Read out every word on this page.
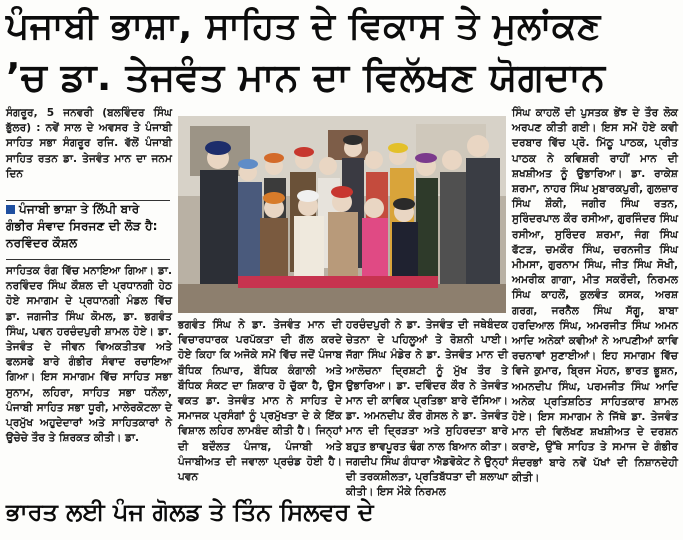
ਪੰਜਾਬੀ ਭਾਸ਼ਾ, ਸਾਹਿਤ ਦੇ ਵਿਕਾਸ ਤੇ ਮੁਲਾਂਕਣ
’ਚ ਡਾ. ਤੇਜਵੰਤ ਮਾਨ ਦਾ ਵਿਲੱਖਣ ਯੋਗਦਾਨ

ਸੰਗਰੂਰ, 5 ਜਨਵਰੀ (ਬਲਵਿੰਦਰ ਸਿੰਘ ਭੁੱਲਰ) : ਨਵੇਂ ਸਾਲ ਦੇ ਅਵਸਰ ਤੇ ਪੰਜਾਬੀ ਸਾਹਿਤ ਸਭਾ ਸੰਗਰੂਰ ਰਜਿ. ਵੱਲੋਂ ਪੰਜਾਬੀ ਸਾਹਿਤ ਰਤਨ ਡਾ. ਤੇਜਵੰਤ ਮਾਨ ਦਾ ਜਨਮ ਦਿਨ

ਪੰਜਾਬੀ ਭਾਸ਼ਾ ਤੇ ਲਿੱਪੀ ਬਾਰੇ ਗੰਭੀਰ ਸੰਵਾਦ ਸਿਰਜਣ ਦੀ ਲੋੜ ਹੈ: ਨਰਵਿੰਦਰ ਕੌਸ਼ਲ

ਸਾਹਿਤਕ ਰੰਗ ਵਿੱਚ ਮਨਾਇਆ ਗਿਆ। ਡਾ. ਨਰਵਿੰਦਰ ਸਿੰਘ ਕੌਸ਼ਲ ਦੀ ਪ੍ਰਧਾਨਗੀ ਹੇਠ ਹੋਏ ਸਮਾਗਮ ਦੇ ਪ੍ਰਧਾਨਗੀ ਮੰਡਲ ਵਿੱਚ ਡਾ. ਜਗਜੀਤ ਸਿੰਘ ਕੋਮਲ, ਡਾ. ਭਗਵੰਤ ਸਿੰਘ, ਪਵਨ ਹਰਚੰਦਪੁਰੀ ਸ਼ਾਮਲ ਹੋਏ। ਡਾ. ਤੇਜਵੰਤ ਦੇ ਜੀਵਨ ਵਿਅਕਤੀਤਵ ਅਤੇ ਫਲਸਫੇ ਬਾਰੇ ਗੰਭੀਰ ਸੰਵਾਦ ਰਚਾਇਆ ਗਿਆ। ਇਸ ਸਮਾਗਮ ਵਿੱਚ ਸਾਹਿਤ ਸਭਾ ਸੁਨਾਮ, ਲਹਿਰਾ, ਸਾਹਿਤ ਸਭਾ ਧਨੌਲਾ, ਪੰਜਾਬੀ ਸਾਹਿਤ ਸਭਾ ਧੂਰੀ, ਮਾਲੇਰਕੋਟਲਾ ਦੇ ਪ੍ਰਮੁੱਖ ਅਹੁਦੇਦਾਰਾਂ ਅਤੇ ਸਾਹਿਤਕਾਰਾਂ ਨੇ ਉਚੇਚੇ ਤੌਰ ਤੇ ਸ਼ਿਰਕਤ ਕੀਤੀ। ਡਾ.

ਭਗਵੰਤ ਸਿੰਘ ਨੇ ਡਾ. ਤੇਜਵੰਤ ਮਾਨ ਦੀ ਵਿਚਾਰਧਾਰਕ ਪਰਪੱਕਤਾ ਦੀ ਗੱਲ ਕਰਦੇ ਹੋਏ ਕਿਹਾ ਕਿ ਅਜੋਕੇ ਸਮੇਂ ਵਿੱਚ ਜਦੋਂ ਪੰਜਾਬ ਬੌਧਿਕ ਨਿਘਾਰ, ਬੌਧਿਕ ਕੰਗਾਲੀ ਅਤੇ ਬੌਧਿਕ ਸੰਕਟ ਦਾ ਸ਼ਿਕਾਰ ਹੋ ਚੁੱਕਾ ਹੈ, ਉਸ ਵਕਤ ਡਾ. ਤੇਜਵੰਤ ਮਾਨ ਨੇ ਸਾਹਿਤ ਦੇ ਸਮਾਜਕ ਪ੍ਰਸੰਗਾਂ ਨੂੰ ਪ੍ਰਮੁੱਖਤਾ ਦੇ ਕੇ ਇੱਕ ਵਿਸ਼ਾਲ ਲਹਿਰ ਲਾਮਬੰਦ ਕੀਤੀ ਹੈ। ਜਿਨ੍ਹਾਂ ਦੀ ਬਦੌਲਤ ਪੰਜਾਬ, ਪੰਜਾਬੀ ਅਤੇ ਪੰਜਾਬੀਅਤ ਦੀ ਜਵਾਲਾ ਪ੍ਰਚੰਡ ਹੋਈ ਹੈ। ਪਵਨ

ਹਰਚੰਦਪੁਰੀ ਨੇ ਡਾ. ਤੇਜਵੰਤ ਦੀ ਜਥੇਬੰਦਕ ਚੇਤਨਾ ਦੇ ਪਹਿਲੂਆਂ ਤੇ ਰੋਸ਼ਨੀ ਪਾਈ। ਜੱਗਾ ਸਿੰਘ ਮੰਡੇਰ ਨੇ ਡਾ. ਤੇਜਵੰਤ ਮਾਨ ਦੀ ਆਲੋਚਨਾ ਦ੍ਰਿਸ਼ਟੀ ਨੂੰ ਮੁੱਖ ਤੌਰ ਤੇ ਉਭਾਰਿਆ। ਡਾ. ਦਵਿੰਦਰ ਕੌਰ ਨੇ ਤੇਜਵੰਤ ਮਾਨ ਦੀ ਕਾਵਿਕ ਪ੍ਰਤਿਭਾ ਬਾਰੇ ਦੱਸਿਆ। ਡਾ. ਅਮਨਦੀਪ ਕੌਰ ਗੋਸਲ ਨੇ ਡਾ. ਤੇਜਵੰਤ ਮਾਨ ਦੀ ਦ੍ਰਿੜਤਾ ਅਤੇ ਸੁਹਿਰਦਤਾ ਬਾਰੇ ਬਹੁਤ ਭਾਵਪੂਰਤ ਢੰਗ ਨਾਲ ਬਿਆਨ ਕੀਤਾ। ਜਗਦੀਪ ਸਿੰਘ ਗੰਧਾਰਾ ਐਡਵੋਕੇਟ ਨੇ ਉਨ੍ਹਾਂ ਦੀ ਤਰਕਸ਼ੀਲਤਾ, ਪ੍ਰਤਿਬੱਧਤਾ ਦੀ ਸ਼ਲਾਘਾ ਕੀਤੀ। ਇਸ ਮੌਕੇ ਨਿਰਮਲ

ਸਿੰਘ ਕਾਹਲੋਂ ਦੀ ਪੁਸਤਕ ਭੇਂਝ ਦੇ ਤੌਰ ਲੋਕ ਅਰਪਣ ਕੀਤੀ ਗਈ। ਇਸ ਸਮੇਂ ਹੋਏ ਕਵੀ ਦਰਬਾਰ ਵਿੱਚ ਪ੍ਰੋ. ਮਿੱਠੂ ਪਾਠਕ, ਪ੍ਰੀਤ ਪਾਠਕ ਨੇ ਕਵਿਸ਼ਰੀ ਰਾਹੀਂ ਮਾਨ ਦੀ ਸ਼ਖਸ਼ੀਅਤ ਨੂੰ ਉਭਾਰਿਆ। ਡਾ. ਰਾਕੇਸ਼ ਸ਼ਰਮਾ, ਨਾਹਰ ਸਿੰਘ ਮੁਬਾਰਕਪੁਰੀ, ਗੁਲਜ਼ਾਰ ਸਿੰਘ ਸ਼ੌਕੀ, ਜਗੀਰ ਸਿੰਘ ਰਤਨ, ਸੁਰਿੰਦਰਪਾਲ ਕੌਰ ਰਸੀਆ, ਗੁਰਜਿੰਦਰ ਸਿੰਘ ਰਸੀਆ, ਸੁਰਿੰਦਰ ਸ਼ਰਮਾ, ਜੰਗ ਸਿੰਘ ਫੱਟੜ, ਚਮਕੌਰ ਸਿੰਘ, ਚਰਨਜੀਤ ਸਿੰਘ ਮੀਮਸਾ, ਗੁਰਨਾਮ ਸਿੰਘ, ਜੀਤ ਸਿੰਘ ਸੋਖੀ, ਅਮਰੀਕ ਗਾਗਾ, ਮੀਤ ਸਕਰੌਦੀ, ਨਿਰਮਲ ਸਿੰਘ ਕਾਹਲੋਂ, ਕੁਲਵੰਤ ਕਸਕ, ਅਰਸ਼ ਗਰਗ, ਜਰਨੈਲ ਸਿੰਘ ਸੱਗੂ, ਬਾਬਾ ਹਰਦਿਆਲ ਸਿੰਘ, ਅਮਰਜੀਤ ਸਿੰਘ ਅਮਨ ਆਦਿ ਅਨੇਕਾਂ ਕਵੀਆਂ ਨੇ ਆਪਣੀਆਂ ਕਾਵਿ ਰਚਨਾਵਾਂ ਸੁਣਾਈਆਂ। ਇਹ ਸਮਾਗਮ ਵਿੱਚ ਵਿਜੇ ਕੁਮਾਰ, ਬ੍ਰਿਜ ਮੋਹਨ, ਭਾਰਤ ਭੂਸ਼ਨ, ਅਮਨਦੀਪ ਸਿੰਘ, ਪਰਮਜੀਤ ਸਿੰਘ ਆਦਿ ਅਨੇਕ ਪ੍ਰਤਿਸ਼ਠਿਤ ਸਾਹਿਤਕਾਰ ਸ਼ਾਮਲ ਹੋਏ। ਇਸ ਸਮਾਗਮ ਨੇ ਜਿੱਥੇ ਡਾ. ਤੇਜਵੰਤ ਮਾਨ ਦੀ ਵਿਲੱਖਣ ਸ਼ਖਸ਼ੀਅਤ ਦੇ ਦਰਸ਼ਨ ਕਰਾਏ, ਉੱਥੇ ਸਾਹਿਤ ਤੇ ਸਮਾਜ ਦੇ ਗੰਭੀਰ ਸੰਦਰਭਾਂ ਬਾਰੇ ਨਵੇਂ ਪੱਖਾਂ ਦੀ ਨਿਸ਼ਾਨਦੇਹੀ ਕੀਤੀ।

ਭਾਰਤ ਲਈ ਪੰਜ ਗੋਲਡ ਤੇ ਤਿੰਨ ਸਿਲਵਰ ਦੇ
